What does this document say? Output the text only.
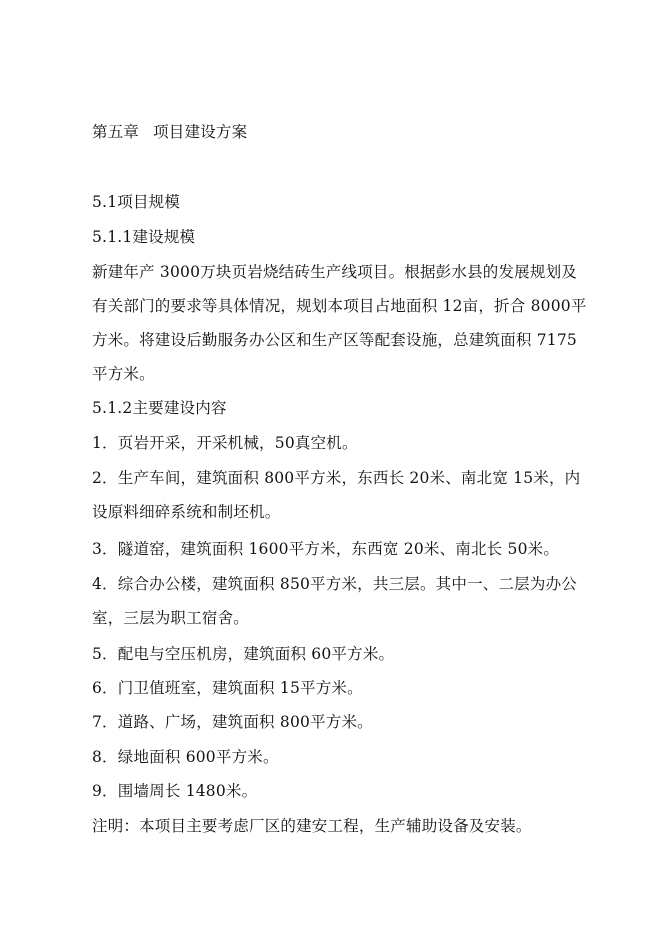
第五章 项目建设方案
5.1项目规模
5.1.1建设规模
新建年产 3000万块页岩烧结砖生产线项目。根据彭水县的发展规划及
有关部门的要求等具体情况，规划本项目占地面积 12亩，折合 8000平
方米。将建设后勤服务办公区和生产区等配套设施，总建筑面积 7175
平方米。
5.1.2主要建设内容
1．页岩开采，开采机械，50真空机。
2．生产车间，建筑面积 800平方米，东西长 20米、南北宽 15米，内
设原料细碎系统和制坯机。
3．隧道窑，建筑面积 1600平方米，东西宽 20米、南北长 50米。
4．综合办公楼，建筑面积 850平方米，共三层。其中一、二层为办公
室，三层为职工宿舍。
5．配电与空压机房，建筑面积 60平方米。
6．门卫值班室，建筑面积 15平方米。
7．道路、广场，建筑面积 800平方米。
8．绿地面积 600平方米。
9．围墙周长 1480米。
注明：本项目主要考虑厂区的建安工程，生产辅助设备及安装。
